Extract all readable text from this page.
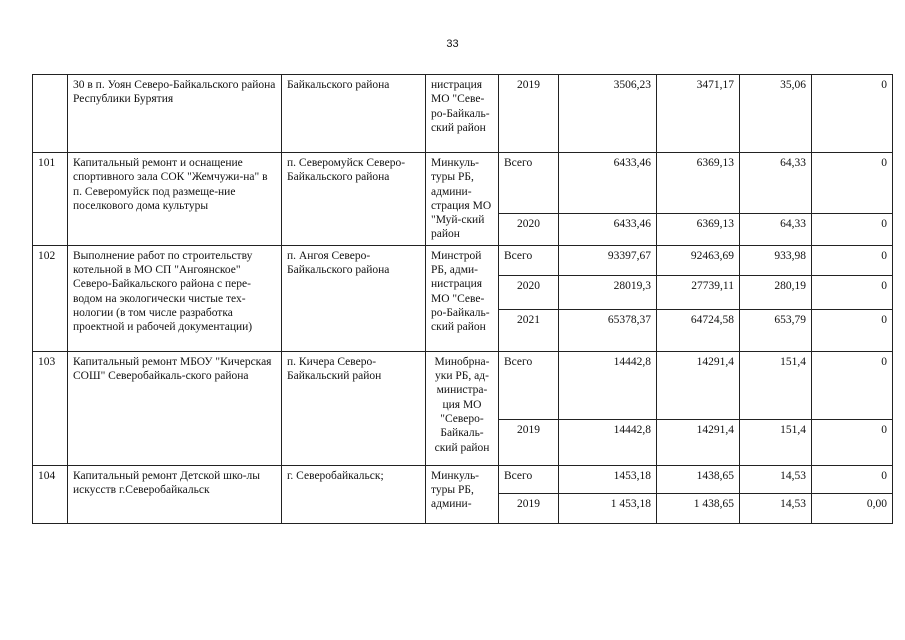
33
	30 в п. Уоян Северо-Байкальского района Республики Бурятия	Байкальского района	нистрация МО "Севе-ро-Байкаль-ский район	2019	3506,23	3471,17	35,06	0
101	Капитальный ремонт и оснащение спортивного зала СОК "Жемчужи-на" в п. Северомуйск под размеще-ние поселкового дома культуры	п. Северомуйск Северо-Байкальского района	Минкуль-туры РБ, админи-страция МО "Муй-ский район	Всего	6433,46	6369,13	64,33	0
				2020	6433,46	6369,13	64,33	0
102	Выполнение работ по строительству котельной в МО СП "Ангоянское" Северо-Байкальского района с пере-водом на экологически чистые тех-нологии (в том числе разработка проектной и рабочей документации)	п. Ангоя Северо-Байкальского района	Минстрой РБ, адми-нистрация МО "Севе-ро-Байкаль-ский район	Всего	93397,67	92463,69	933,98	0
				2020	28019,3	27739,11	280,19	0
				2021	65378,37	64724,58	653,79	0
103	Капитальный ремонт МБОУ "Кичерская СОШ" Северобайкаль-ского района	п. Кичера Северо-Байкальский район	Минобрна-уки РБ, ад-министра-ция МО "Северо-Байкаль-ский район	Всего	14442,8	14291,4	151,4	0
				2019	14442,8	14291,4	151,4	0
104	Капитальный ремонт Детской шко-лы искусств г.Северобайкальск	г. Северобайкальск;	Минкуль-туры РБ, админи-	Всего	1453,18	1438,65	14,53	0
				2019	1 453,18	1 438,65	14,53	0,00
